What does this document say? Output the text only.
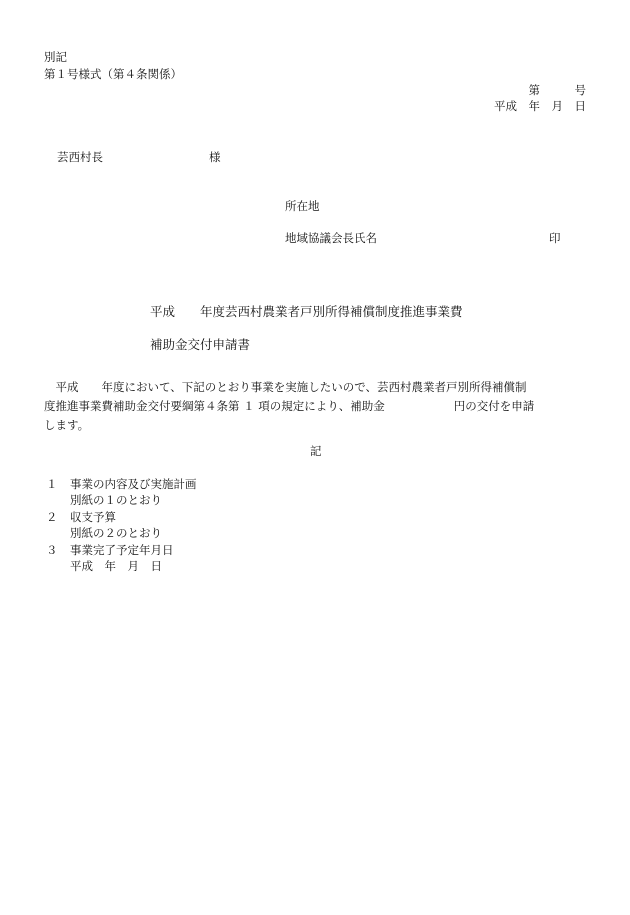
別記
第１号様式（第４条関係）
第　　　号
平成　年　月　日
芸西村長	様
所在地
地域協議会長氏名	印
平成　　年度芸西村農業者戸別所得補償制度推進事業費
補助金交付申請書
　平成　　年度において、下記のとおり事業を実施したいので、芸西村農業者戸別所得補償制
度推進事業費補助金交付要綱第４条第 １ 項の規定により、補助金　　　　　　円の交付を申請
します。
記
１ 事業の内容及び実施計画
別紙の１のとおり
２ 収支予算
別紙の２のとおり
３ 事業完了予定年月日
平成　年　月　日
